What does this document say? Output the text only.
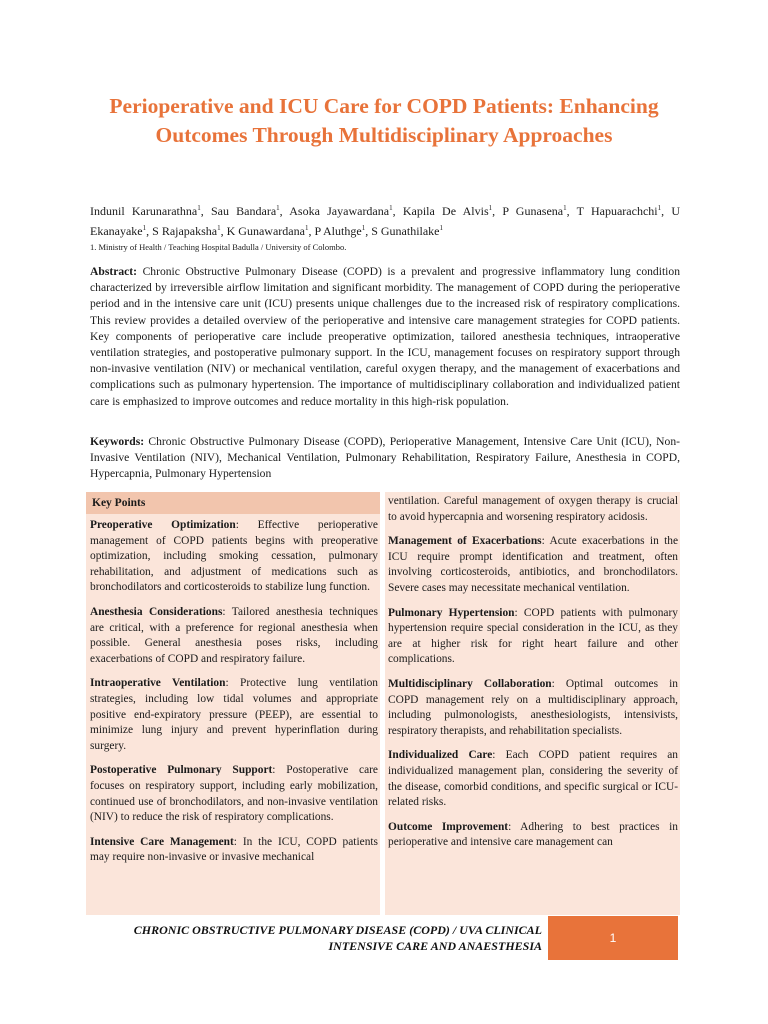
Perioperative and ICU Care for COPD Patients: Enhancing
Outcomes Through Multidisciplinary Approaches
Indunil Karunarathna$^1$, Sau Bandara$^1$, Asoka Jayawardana$^1$, Kapila De Alvis$^1$, P Gunasena$^1$, T Hapuarachchi$^1$, U Ekanayake$^1$, S Rajapaksha$^1$, K Gunawardana$^1$, P Aluthge$^1$, S Gunathilake$^1$
1. Ministry of Health / Teaching Hospital Badulla / University of Colombo.
Abstract: Chronic Obstructive Pulmonary Disease (COPD) is a prevalent and progressive inflammatory lung condition characterized by irreversible airflow limitation and significant morbidity. The management of COPD during the perioperative period and in the intensive care unit (ICU) presents unique challenges due to the increased risk of respiratory complications. This review provides a detailed overview of the perioperative and intensive care management strategies for COPD patients. Key components of perioperative care include preoperative optimization, tailored anesthesia techniques, intraoperative ventilation strategies, and postoperative pulmonary support. In the ICU, management focuses on respiratory support through non-invasive ventilation (NIV) or mechanical ventilation, careful oxygen therapy, and the management of exacerbations and complications such as pulmonary hypertension. The importance of multidisciplinary collaboration and individualized patient care is emphasized to improve outcomes and reduce mortality in this high-risk population.
Keywords: Chronic Obstructive Pulmonary Disease (COPD), Perioperative Management, Intensive Care Unit (ICU), Non-Invasive Ventilation (NIV), Mechanical Ventilation, Pulmonary Rehabilitation, Respiratory Failure, Anesthesia in COPD, Hypercapnia, Pulmonary Hypertension
Key Points

Preoperative Optimization: Effective perioperative management of COPD patients begins with preoperative optimization, including smoking cessation, pulmonary rehabilitation, and adjustment of medications such as bronchodilators and corticosteroids to stabilize lung function.

Anesthesia Considerations: Tailored anesthesia techniques are critical, with a preference for regional anesthesia when possible. General anesthesia poses risks, including exacerbations of COPD and respiratory failure.

Intraoperative Ventilation: Protective lung ventilation strategies, including low tidal volumes and appropriate positive end-expiratory pressure (PEEP), are essential to minimize lung injury and prevent hyperinflation during surgery.

Postoperative Pulmonary Support: Postoperative care focuses on respiratory support, including early mobilization, continued use of bronchodilators, and non-invasive ventilation (NIV) to reduce the risk of respiratory complications.

Intensive Care Management: In the ICU, COPD patients may require non-invasive or invasive mechanical

ventilation. Careful management of oxygen therapy is crucial to avoid hypercapnia and worsening respiratory acidosis.

Management of Exacerbations: Acute exacerbations in the ICU require prompt identification and treatment, often involving corticosteroids, antibiotics, and bronchodilators. Severe cases may necessitate mechanical ventilation.

Pulmonary Hypertension: COPD patients with pulmonary hypertension require special consideration in the ICU, as they are at higher risk for right heart failure and other complications.

Multidisciplinary Collaboration: Optimal outcomes in COPD management rely on a multidisciplinary approach, including pulmonologists, anesthesiologists, intensivists, respiratory therapists, and rehabilitation specialists.

Individualized Care: Each COPD patient requires an individualized management plan, considering the severity of the disease, comorbid conditions, and specific surgical or ICU-related risks.

Outcome Improvement: Adhering to best practices in perioperative and intensive care management can

CHRONIC OBSTRUCTIVE PULMONARY DISEASE (COPD) / UVA CLINICAL
INTENSIVE CARE AND ANAESTHESIA
1
